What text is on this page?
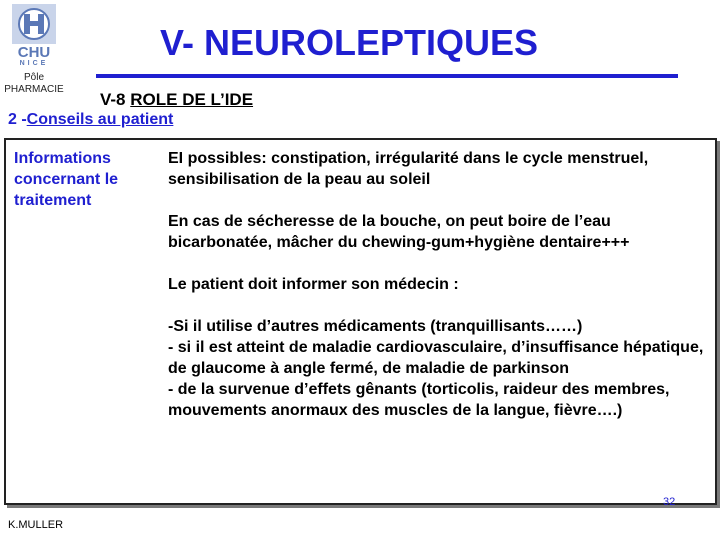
CHU
NICE
Pôle
PHARMACIE
V- NEUROLEPTIQUES
V-8 ROLE DE L’IDE
2 -Conseils au patient
Informations concernant le traitement

EI possibles: constipation, irrégularité dans le cycle menstruel, sensibilisation de la peau au soleil

En cas de sécheresse de la bouche, on peut boire de l’eau bicarbonatée, mâcher du chewing-gum+hygiène dentaire+++

Le patient doit informer son médecin :

-Si il utilise d’autres médicaments (tranquillisants……)

- si il est atteint de maladie cardiovasculaire, d’insuffisance hépatique, de glaucome à angle fermé, de maladie de parkinson

- de la survenue d’effets gênants (torticolis, raideur des membres, mouvements anormaux des muscles de la langue, fièvre….)

32
K.MULLER
